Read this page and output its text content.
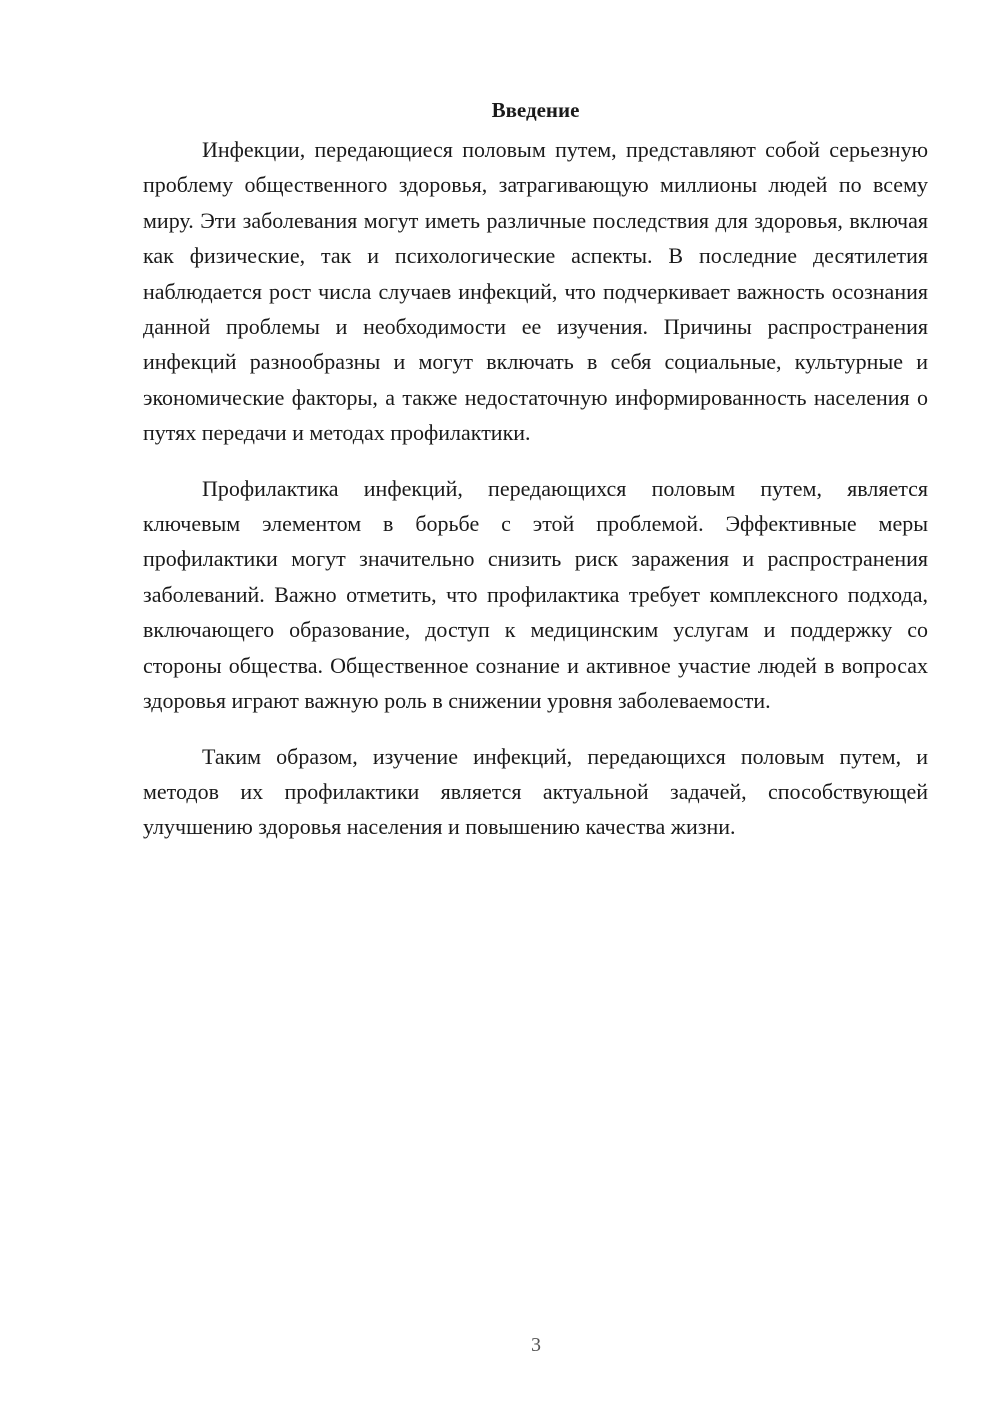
Введение

Инфекции, передающиеся половым путем, представляют собой серьезную проблему общественного здоровья, затрагивающую миллионы людей по всему миру. Эти заболевания могут иметь различные последствия для здоровья, включая как физические, так и психологические аспекты. В последние десятилетия наблюдается рост числа случаев инфекций, что подчеркивает важность осознания данной проблемы и необходимости ее изучения. Причины распространения инфекций разнообразны и могут включать в себя социальные, культурные и экономические факторы, а также недостаточную информированность населения о путях передачи и методах профилактики.

Профилактика инфекций, передающихся половым путем, является ключевым элементом в борьбе с этой проблемой. Эффективные меры профилактики могут значительно снизить риск заражения и распространения заболеваний. Важно отметить, что профилактика требует комплексного подхода, включающего образование, доступ к медицинским услугам и поддержку со стороны общества. Общественное сознание и активное участие людей в вопросах здоровья играют важную роль в снижении уровня заболеваемости.

Таким образом, изучение инфекций, передающихся половым путем, и методов их профилактики является актуальной задачей, способствующей улучшению здоровья населения и повышению качества жизни.

3
